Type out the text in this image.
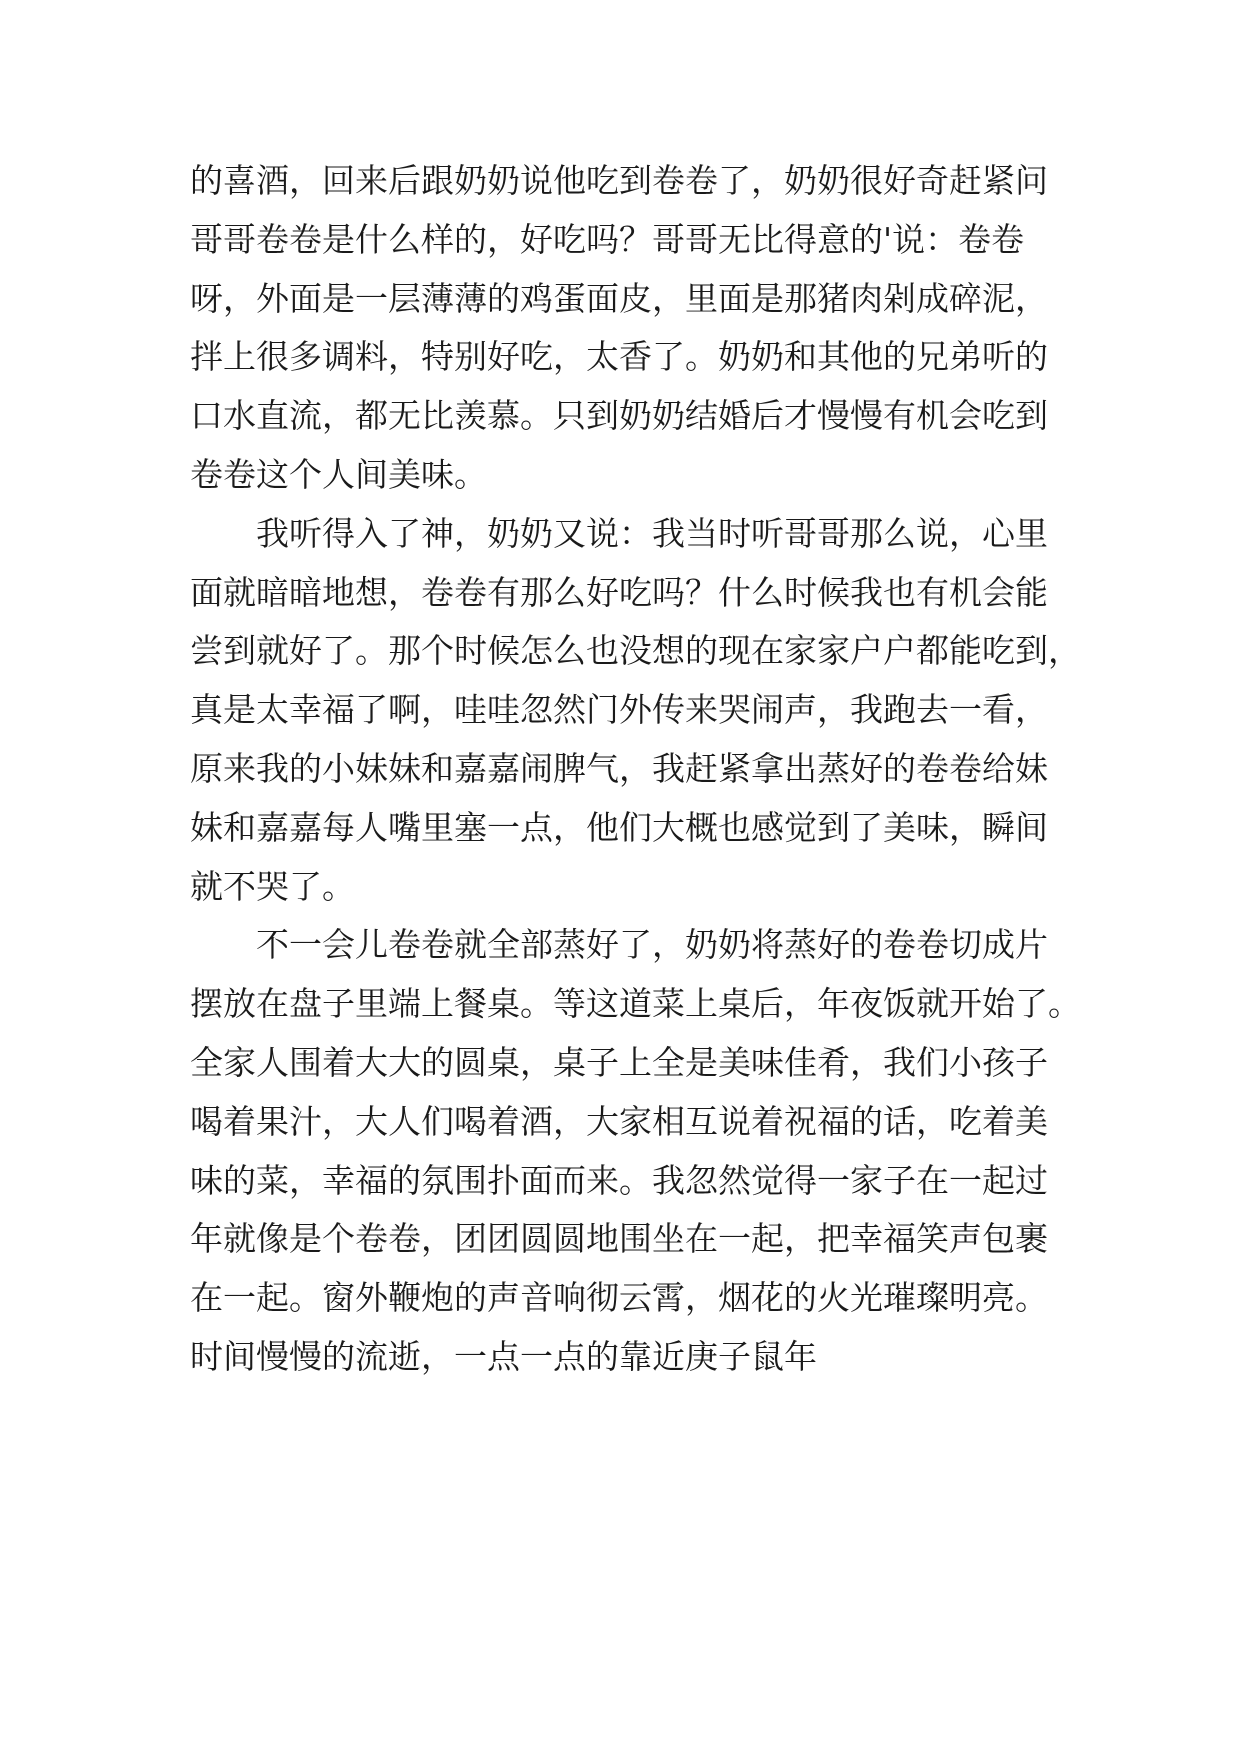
的喜酒，回来后跟奶奶说他吃到卷卷了，奶奶很好奇赶紧问
哥哥卷卷是什么样的，好吃吗？哥哥无比得意的'说：卷卷
呀，外面是一层薄薄的鸡蛋面皮，里面是那猪肉剁成碎泥，
拌上很多调料，特别好吃，太香了。奶奶和其他的兄弟听的
口水直流，都无比羡慕。只到奶奶结婚后才慢慢有机会吃到
卷卷这个人间美味。
我听得入了神，奶奶又说：我当时听哥哥那么说，心里
面就暗暗地想，卷卷有那么好吃吗？什么时候我也有机会能
尝到就好了。那个时候怎么也没想的现在家家户户都能吃到，
真是太幸福了啊，哇哇忽然门外传来哭闹声，我跑去一看，
原来我的小妹妹和嘉嘉闹脾气，我赶紧拿出蒸好的卷卷给妹
妹和嘉嘉每人嘴里塞一点，他们大概也感觉到了美味，瞬间
就不哭了。
不一会儿卷卷就全部蒸好了，奶奶将蒸好的卷卷切成片
摆放在盘子里端上餐桌。等这道菜上桌后，年夜饭就开始了。
全家人围着大大的圆桌，桌子上全是美味佳肴，我们小孩子
喝着果汁，大人们喝着酒，大家相互说着祝福的话，吃着美
味的菜，幸福的氛围扑面而来。我忽然觉得一家子在一起过
年就像是个卷卷，团团圆圆地围坐在一起，把幸福笑声包裹
在一起。窗外鞭炮的声音响彻云霄，烟花的火光璀璨明亮。
时间慢慢的流逝，一点一点的靠近庚子鼠年
